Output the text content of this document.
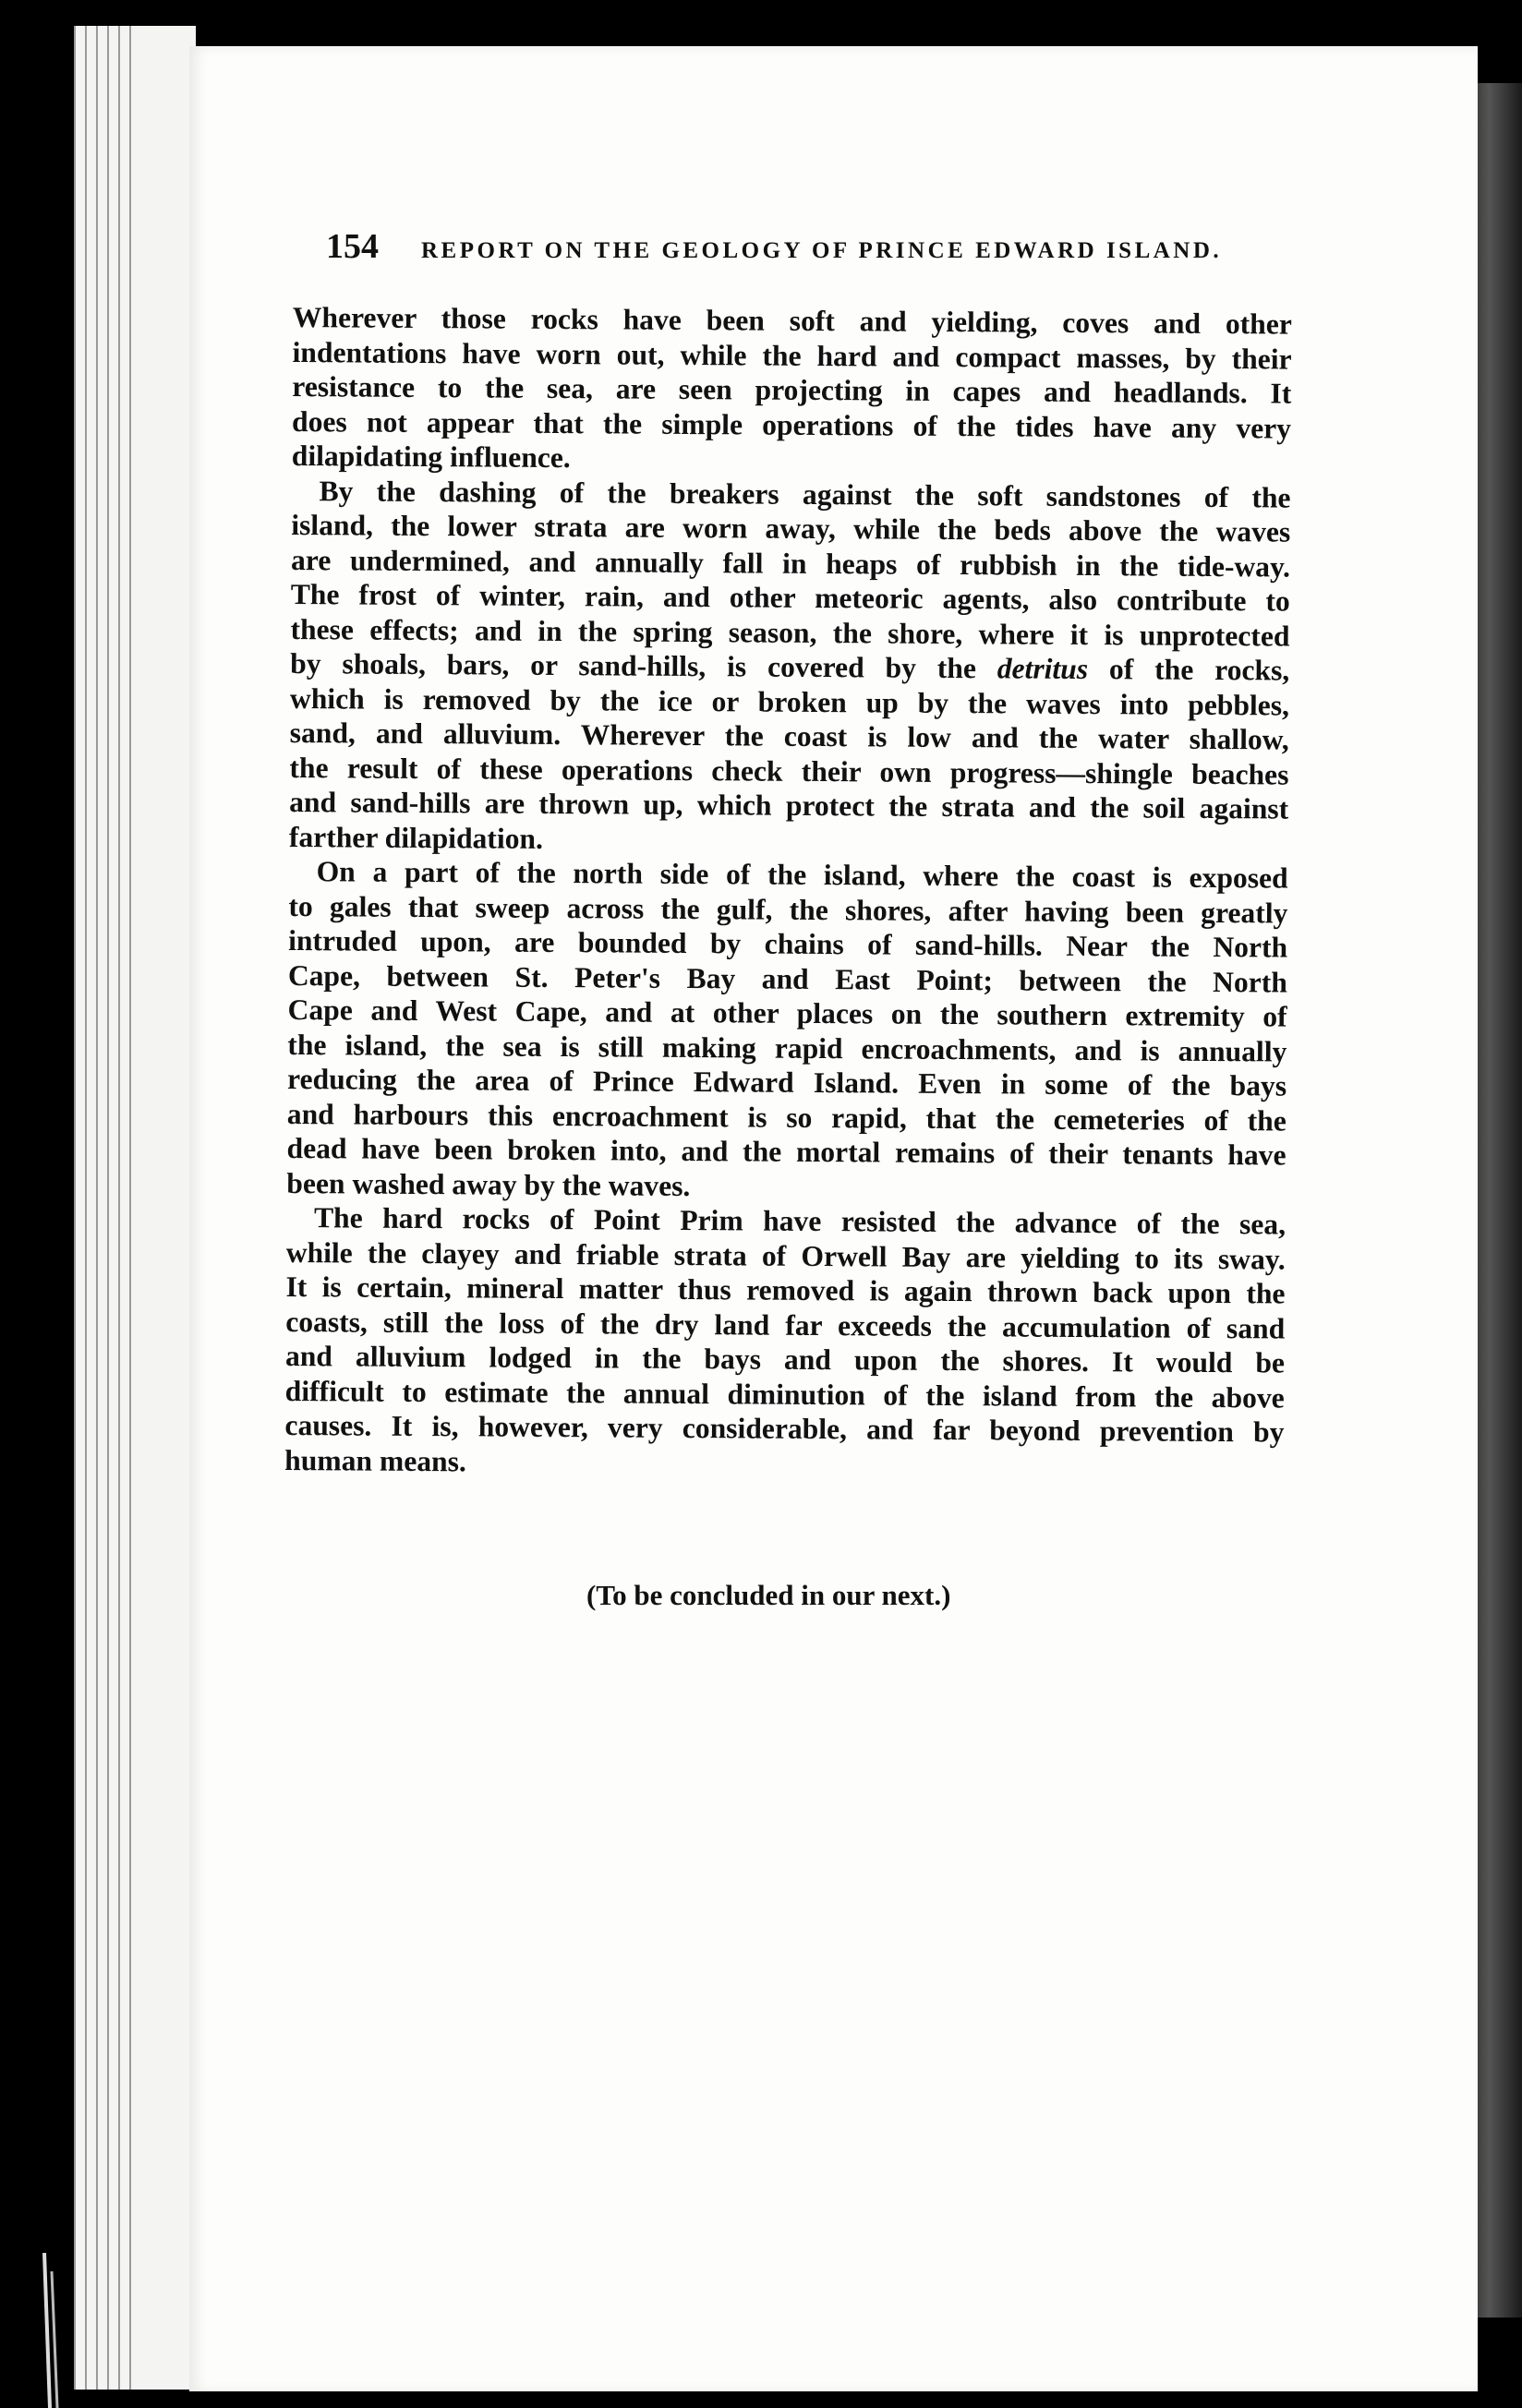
154 REPORT ON THE GEOLOGY OF PRINCE EDWARD ISLAND.

Wherever those rocks have been soft and yielding, coves and other
indentations have worn out, while the hard and compact masses, by their
resistance to the sea, are seen projecting in capes and headlands. It
does not appear that the simple operations of the tides have any very
dilapidating influence.

By the dashing of the breakers against the soft sandstones of the
island, the lower strata are worn away, while the beds above the waves
are undermined, and annually fall in heaps of rubbish in the tide-way.
The frost of winter, rain, and other meteoric agents, also contribute to
these effects; and in the spring season, the shore, where it is unprotected
by shoals, bars, or sand-hills, is covered by the detritus of the rocks,
which is removed by the ice or broken up by the waves into pebbles,
sand, and alluvium. Wherever the coast is low and the water shallow,
the result of these operations check their own progress—shingle beaches
and sand-hills are thrown up, which protect the strata and the soil against
farther dilapidation.

On a part of the north side of the island, where the coast is exposed
to gales that sweep across the gulf, the shores, after having been greatly
intruded upon, are bounded by chains of sand-hills. Near the North
Cape, between St. Peter's Bay and East Point; between the North
Cape and West Cape, and at other places on the southern extremity of
the island, the sea is still making rapid encroachments, and is annually
reducing the area of Prince Edward Island. Even in some of the bays
and harbours this encroachment is so rapid, that the cemeteries of the
dead have been broken into, and the mortal remains of their tenants have
been washed away by the waves.

The hard rocks of Point Prim have resisted the advance of the sea,
while the clayey and friable strata of Orwell Bay are yielding to its sway.
It is certain, mineral matter thus removed is again thrown back upon the
coasts, still the loss of the dry land far exceeds the accumulation of sand
and alluvium lodged in the bays and upon the shores. It would be
difficult to estimate the annual diminution of the island from the above
causes. It is, however, very considerable, and far beyond prevention by
human means.

(To be concluded in our next.)
